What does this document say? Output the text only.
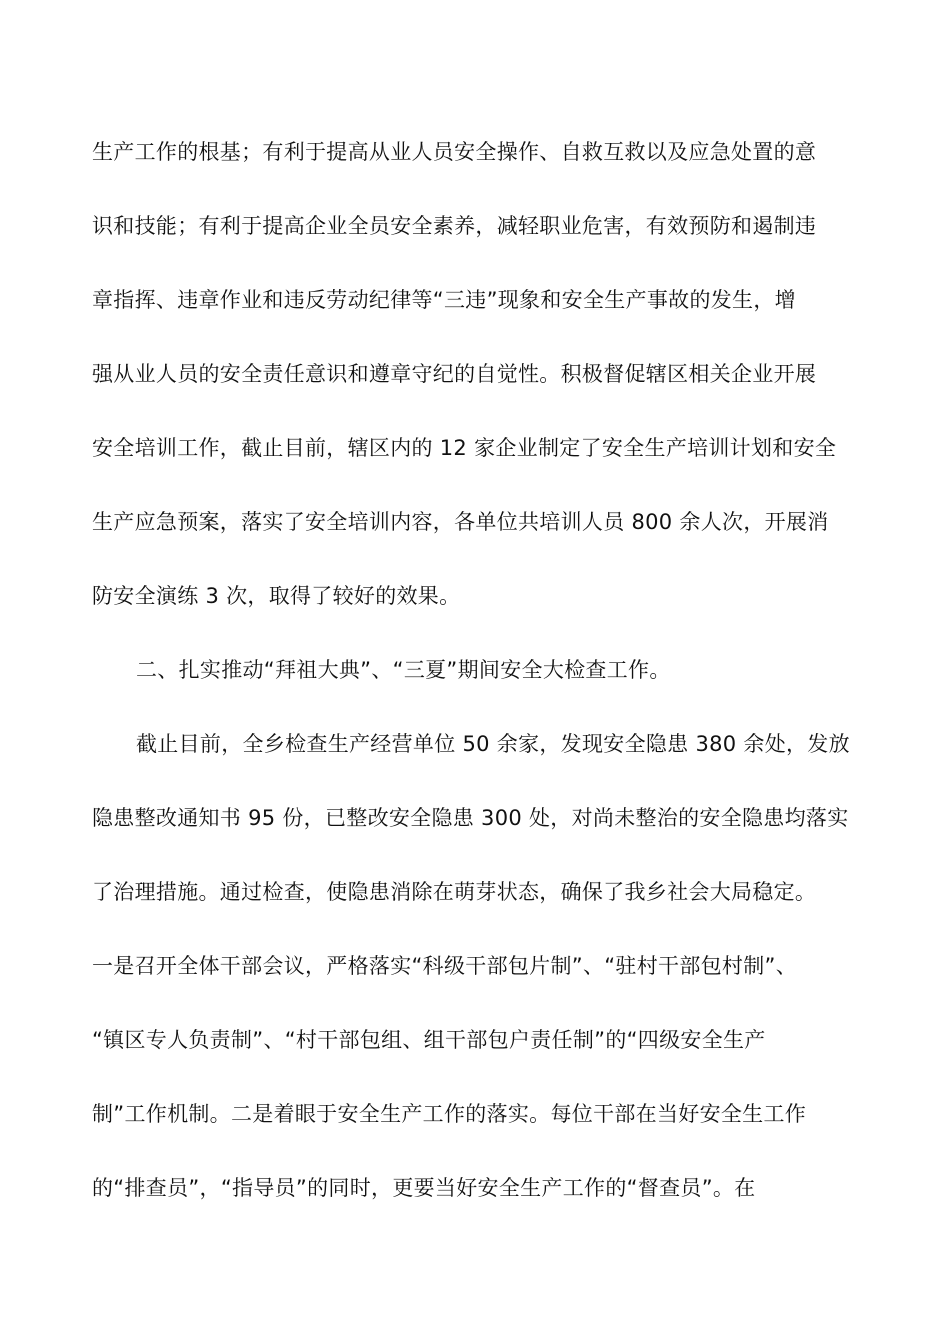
生产工作的根基；有利于提高从业人员安全操作、自救互救以及应急处置的意
识和技能；有利于提高企业全员安全素养，减轻职业危害，有效预防和遏制违
章指挥、违章作业和违反劳动纪律等“三违”现象和安全生产事故的发生，增
强从业人员的安全责任意识和遵章守纪的自觉性。积极督促辖区相关企业开展
安全培训工作，截止目前，辖区内的 12 家企业制定了安全生产培训计划和安全
生产应急预案，落实了安全培训内容，各单位共培训人员 800 余人次，开展消
防安全演练 3 次，取得了较好的效果。
二、扎实推动“拜祖大典”、“三夏”期间安全大检查工作。
截止目前，全乡检查生产经营单位 50 余家，发现安全隐患 380 余处，发放
隐患整改通知书 95 份，已整改安全隐患 300 处，对尚未整治的安全隐患均落实
了治理措施。通过检查，使隐患消除在萌芽状态，确保了我乡社会大局稳定。
一是召开全体干部会议，严格落实“科级干部包片制”、“驻村干部包村制”、
“镇区专人负责制”、“村干部包组、组干部包户责任制”的“四级安全生产
制”工作机制。二是着眼于安全生产工作的落实。每位干部在当好安全生工作
的“排查员”，“指导员”的同时，更要当好安全生产工作的“督查员”。在
